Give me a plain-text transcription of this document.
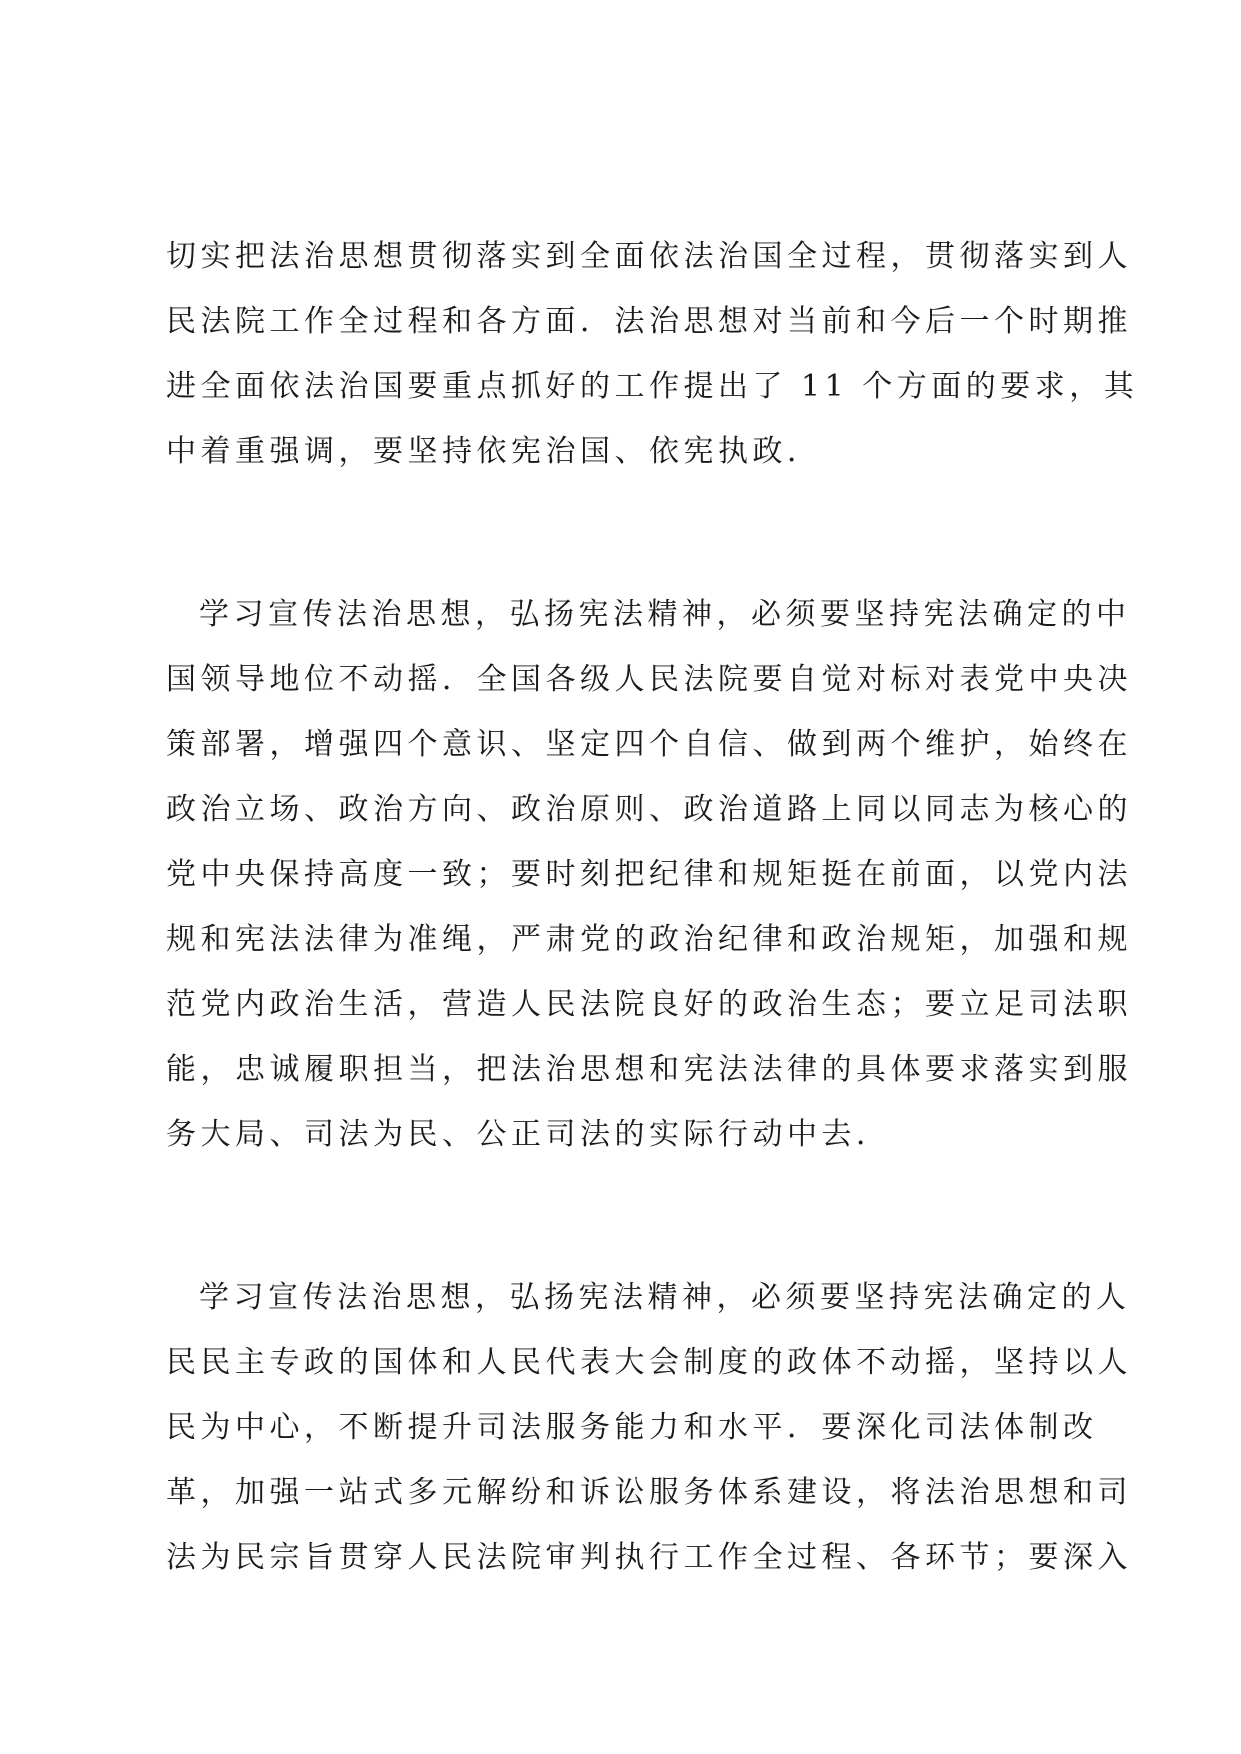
切实把法治思想贯彻落实到全面依法治国全过程，贯彻落实到人
民法院工作全过程和各方面．法治思想对当前和今后一个时期推
进全面依法治国要重点抓好的工作提出了 11 个方面的要求，其
中着重强调，要坚持依宪治国、依宪执政．
学习宣传法治思想，弘扬宪法精神，必须要坚持宪法确定的中
国领导地位不动摇．全国各级人民法院要自觉对标对表党中央决
策部署，增强四个意识、坚定四个自信、做到两个维护，始终在
政治立场、政治方向、政治原则、政治道路上同以同志为核心的
党中央保持高度一致；要时刻把纪律和规矩挺在前面，以党内法
规和宪法法律为准绳，严肃党的政治纪律和政治规矩，加强和规
范党内政治生活，营造人民法院良好的政治生态；要立足司法职
能，忠诚履职担当，把法治思想和宪法法律的具体要求落实到服
务大局、司法为民、公正司法的实际行动中去．
学习宣传法治思想，弘扬宪法精神，必须要坚持宪法确定的人
民民主专政的国体和人民代表大会制度的政体不动摇，坚持以人
民为中心，不断提升司法服务能力和水平．要深化司法体制改
革，加强一站式多元解纷和诉讼服务体系建设，将法治思想和司
法为民宗旨贯穿人民法院审判执行工作全过程、各环节；要深入
